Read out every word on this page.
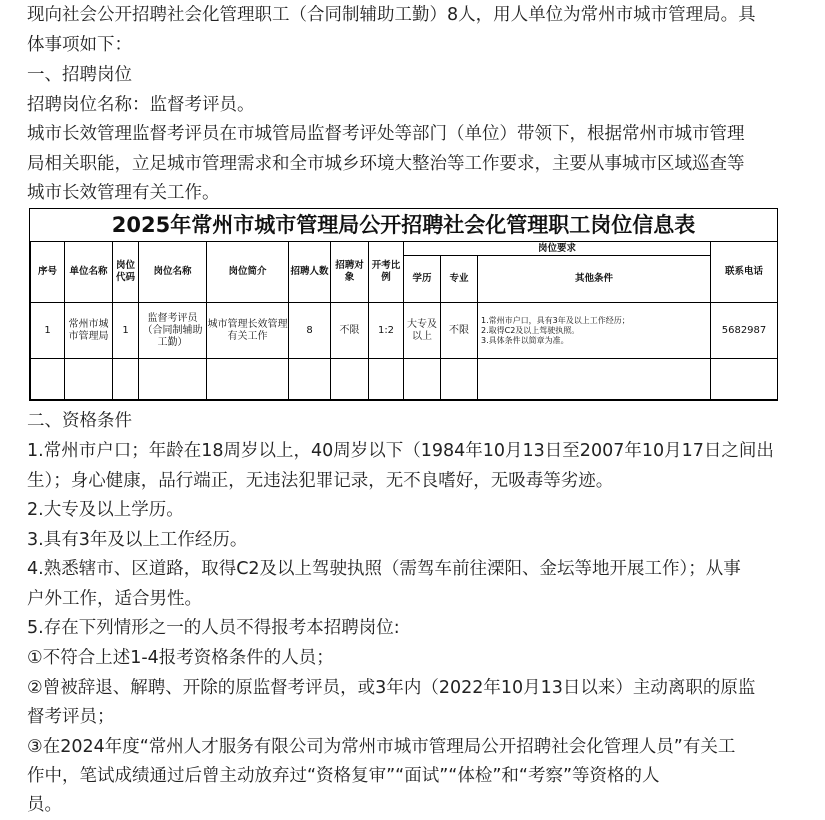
现向社会公开招聘社会化管理职工（合同制辅助工勤）8人，用人单位为常州市城市管理局。具

体事项如下：

一、招聘岗位

招聘岗位名称：监督考评员。

城市长效管理监督考评员在市城管局监督考评处等部门（单位）带领下，根据常州市城市管理

局相关职能，立足城市管理需求和全市城乡环境大整治等工作要求，主要从事城市区域巡查等

城市长效管理有关工作。

2025年常州市城市管理局公开招聘社会化管理职工岗位信息表
序号	单位名称	岗位代码	岗位名称	岗位简介	招聘人数	招聘对象	开考比例	岗位要求			联系电话
								学历	专业	其他条件	
1	常州市城市管理局	1	监督考评员（合同制辅助工勤）	城市管理长效管理有关工作	8	不限	1:2	大专及以上	不限	1.常州市户口，具有3年及以上工作经历；
2.取得C2及以上驾驶执照。
3.具体条件以简章为准。	5682987

二、资格条件

1.常州市户口；年龄在18周岁以上，40周岁以下（1984年10月13日至2007年10月17日之间出

生）；身心健康，品行端正，无违法犯罪记录，无不良嗜好，无吸毒等劣迹。

2.大专及以上学历。

3.具有3年及以上工作经历。

4.熟悉辖市、区道路，取得C2及以上驾驶执照（需驾车前往溧阳、金坛等地开展工作）；从事

户外工作，适合男性。

5.存在下列情形之一的人员不得报考本招聘岗位:

①不符合上述1-4报考资格条件的人员；

②曾被辞退、解聘、开除的原监督考评员，或3年内（2022年10月13日以来）主动离职的原监

督考评员；

③在2024年度“常州人才服务有限公司为常州市城市管理局公开招聘社会化管理人员”有关工

作中，笔试成绩通过后曾主动放弃过“资格复审”“面试”“体检”和“考察”等资格的人

员。
